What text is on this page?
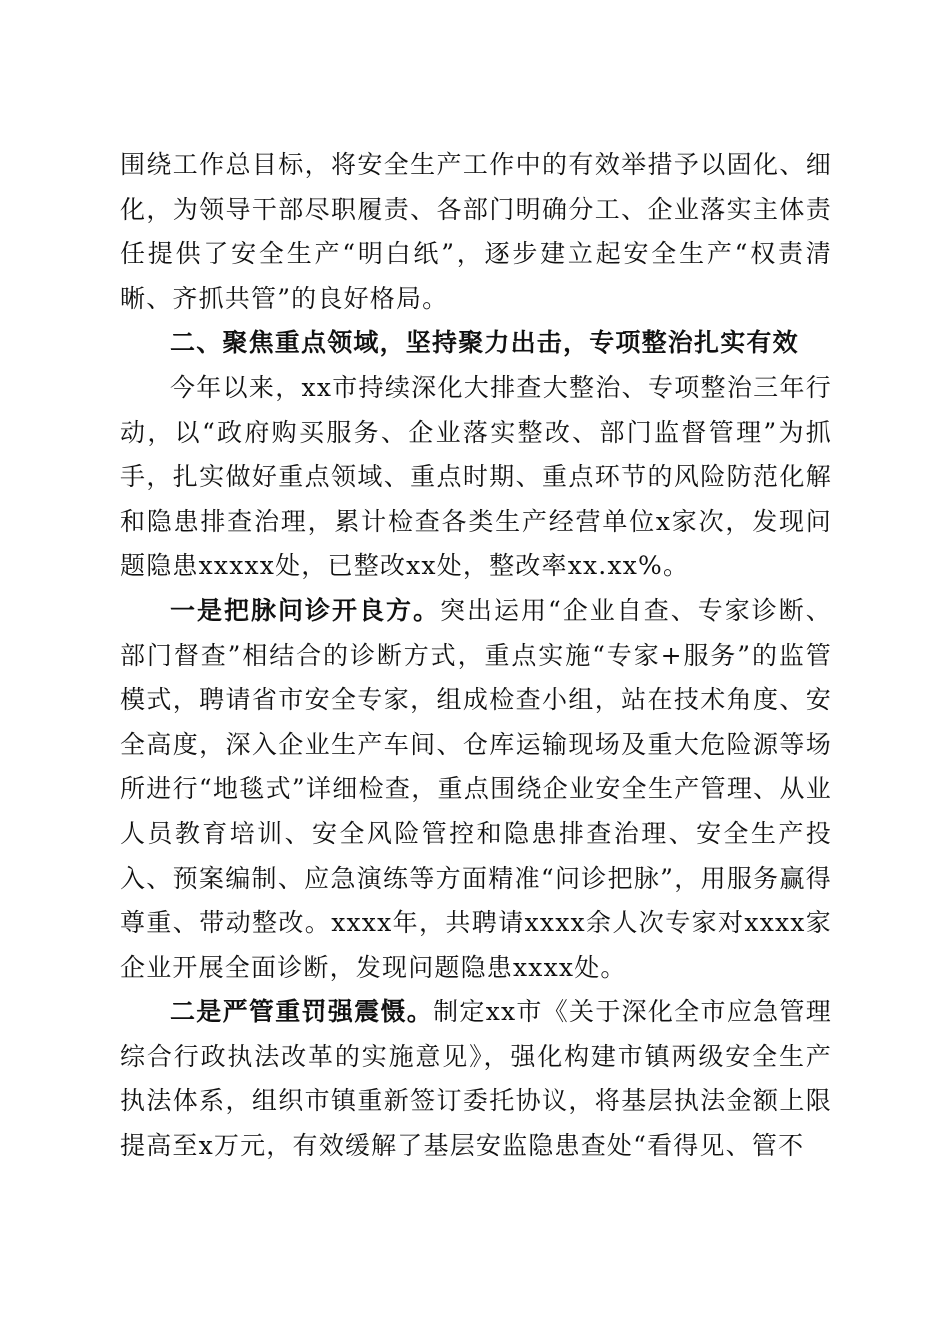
围绕工作总目标，将安全生产工作中的有效举措予以固化、细化，为领导干部尽职履责、各部门明确分工、企业落实主体责任提供了安全生产“明白纸”，逐步建立起安全生产“权责清晰、齐抓共管”的良好格局。

二、聚焦重点领域，坚持聚力出击，专项整治扎实有效

今年以来，xx市持续深化大排查大整治、专项整治三年行动，以“政府购买服务、企业落实整改、部门监督管理”为抓手，扎实做好重点领域、重点时期、重点环节的风险防范化解和隐患排查治理，累计检查各类生产经营单位x家次，发现问题隐患xxxxx处，已整改xx处，整改率xx.xx%。

一是把脉问诊开良方。突出运用“企业自查、专家诊断、部门督查”相结合的诊断方式，重点实施“专家+服务”的监管模式，聘请省市安全专家，组成检查小组，站在技术角度、安全高度，深入企业生产车间、仓库运输现场及重大危险源等场所进行“地毯式”详细检查，重点围绕企业安全生产管理、从业人员教育培训、安全风险管控和隐患排查治理、安全生产投入、预案编制、应急演练等方面精准“问诊把脉”，用服务赢得尊重、带动整改。xxxx年，共聘请xxxx余人次专家对xxxx家企业开展全面诊断，发现问题隐患xxxx处。

二是严管重罚强震慑。制定xx市《关于深化全市应急管理综合行政执法改革的实施意见》，强化构建市镇两级安全生产执法体系，组织市镇重新签订委托协议，将基层执法金额上限提高至x万元，有效缓解了基层安监隐患查处“看得见、管不
